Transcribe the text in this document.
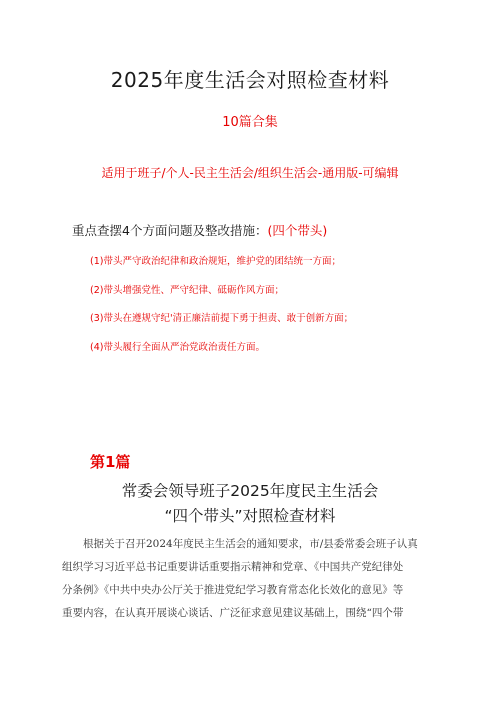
2025年度生活会对照检查材料
10篇合集
适用于班子/个人-民主生活会/组织生活会-通用版-可编辑
重点查摆4个方面问题及整改措施：(四个带头)
(1)带头严守政治纪律和政治规矩，维护党的团结统一方面；
(2)带头增强党性、严守纪律、砥砺作风方面；
(3)带头在遵规守纪'清正廉洁前提下勇于担责、敢于创新方面；
(4)带头履行全面从严治党政治责任方面。
第1篇
常委会领导班子2025年度民主生活会
“四个带头”对照检查材料
根据关于召开2024年度民主生活会的通知要求，市/县委常委会班子认真
组织学习习近平总书记重要讲话重要指示精神和党章、《中国共产党纪律处
分条例》《中共中央办公厅关于推进党纪学习教育常态化长效化的意见》等
重要内容，在认真开展谈心谈话、广泛征求意见建议基础上，围绕“四个带
